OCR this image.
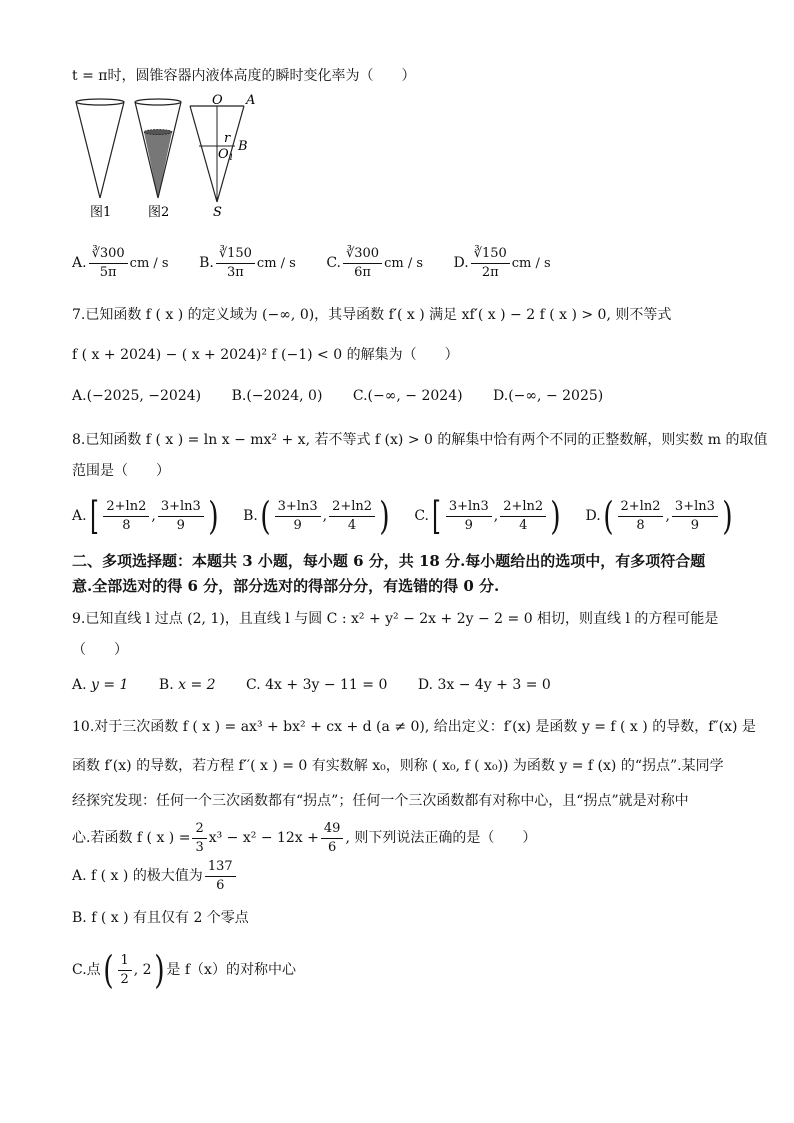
t = π时，圆锥容器内液体高度的瞬时变化率为（　　）
O A
r
O1
B
S
图1	图2
A. $\frac{∛300}{5\pi}$ cm / s B. $\frac{∛150}{3\pi}$ cm / s C. $\frac{∛300}{6\pi}$ cm / s D. $\frac{∛150}{2\pi}$ cm / s
7.已知函数 f ( x ) 的定义域为 (−∞, 0)，其导函数 f′( x ) 满足 xf′( x ) − 2 f ( x ) > 0, 则不等式
f ( x + 2024) − ( x + 2024)² f (−1) < 0 的解集为（　　）
A.(−2025, −2024) B.(−2024, 0) C.(−∞, − 2024) D.(−∞, − 2025)
8.已知函数 f ( x ) = ln x − mx² + x, 若不等式 f (x) > 0 的解集中恰有两个不同的正整数解，则实数 m 的取值
范围是（　　）
$A.[ \frac{2+\ln 2}{8}$ , $\frac{3+\ln 3}{9}$ ) $B.( \frac{3+\ln 3}{9}$ , $\frac{2+\ln 2}{4}$ ) $C.[ \frac{3+\ln 3}{9}$ , $\frac{2+\ln 2}{4}$ ) $D.( \frac{2+\ln 2}{8}$ , $\frac{3+\ln 3}{9}$ )
二、多项选择题：本题共 3 小题，每小题 6 分，共 18 分.每小题给出的选项中，有多项符合题
意.全部选对的得 6 分，部分选对的得部分分，有选错的得 0 分.
9.已知直线 l 过点 (2, 1)，且直线 l 与圆 C : x² + y² − 2x + 2y − 2 = 0 相切，则直线 l 的方程可能是
（　　）
A. y = 1 B. x = 2 C. 4x + 3y − 11 = 0 D. 3x − 4y + 3 = 0
10.对于三次函数 f ( x ) = ax³ + bx² + cx + d (a ≠ 0), 给出定义：f′(x) 是函数 y = f ( x ) 的导数，f″(x) 是
函数 f′(x) 的导数，若方程 f′′( x ) = 0 有实数解 x₀，则称 ( x₀, f ( x₀)) 为函数 y = f (x) 的“拐点”.某同学
经探究发现：任何一个三次函数都有“拐点”；任何一个三次函数都有对称中心，且“拐点”就是对称中
心.若函数 f ( x ) = $\frac{2}{3} x^3 - x^2 - 12x + \frac{49}{6}$ , 则下列说法正确的是（　　）
A. f ( x ) 的极大值为 $\frac{137}{6}$
B. f ( x ) 有且仅有 2 个零点
C.点( $\frac{1}{2}$ , 2) 是 f（x）的对称中心
